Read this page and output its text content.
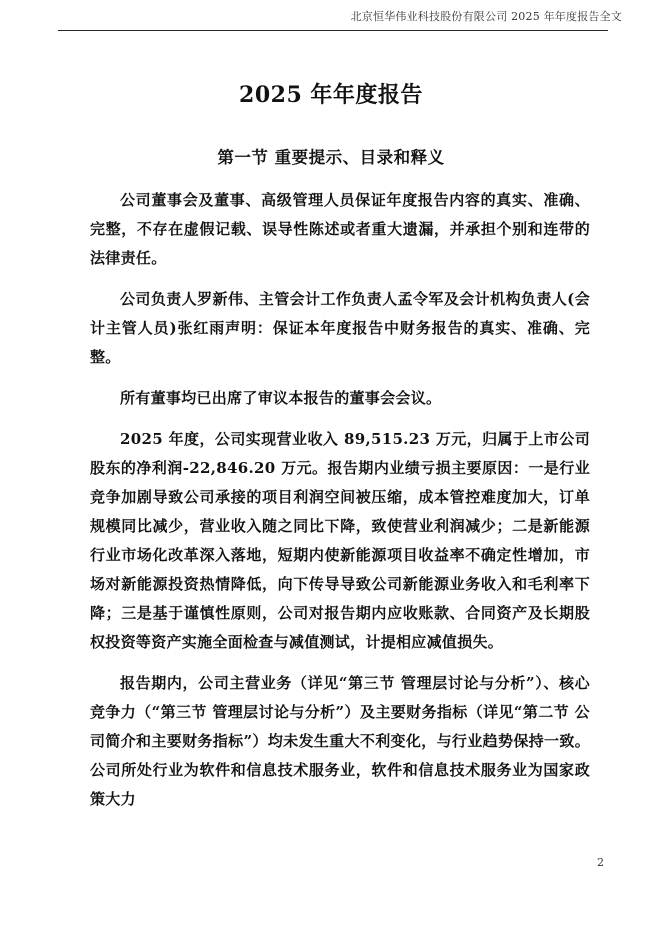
北京恒华伟业科技股份有限公司 2025 年年度报告全文
2025 年年度报告
第一节 重要提示、目录和释义

公司董事会及董事、高级管理人员保证年度报告内容的真实、准确、完整，不存在虚假记载、误导性陈述或者重大遗漏，并承担个别和连带的法律责任。

公司负责人罗新伟、主管会计工作负责人孟令军及会计机构负责人(会计主管人员)张红雨声明：保证本年度报告中财务报告的真实、准确、完整。

所有董事均已出席了审议本报告的董事会会议。

2025 年度，公司实现营业收入 89,515.23 万元，归属于上市公司股东的净利润-22,846.20 万元。报告期内业绩亏损主要原因：一是行业竞争加剧导致公司承接的项目利润空间被压缩，成本管控难度加大，订单规模同比减少，营业收入随之同比下降，致使营业利润减少；二是新能源行业市场化改革深入落地，短期内使新能源项目收益率不确定性增加，市场对新能源投资热情降低，向下传导导致公司新能源业务收入和毛利率下降；三是基于谨慎性原则，公司对报告期内应收账款、合同资产及长期股权投资等资产实施全面检查与减值测试，计提相应减值损失。

报告期内，公司主营业务（详见“第三节 管理层讨论与分析”）、核心竞争力（“第三节 管理层讨论与分析”）及主要财务指标（详见“第二节 公司简介和主要财务指标”）均未发生重大不利变化，与行业趋势保持一致。公司所处行业为软件和信息技术服务业，软件和信息技术服务业为国家政策大力

2
